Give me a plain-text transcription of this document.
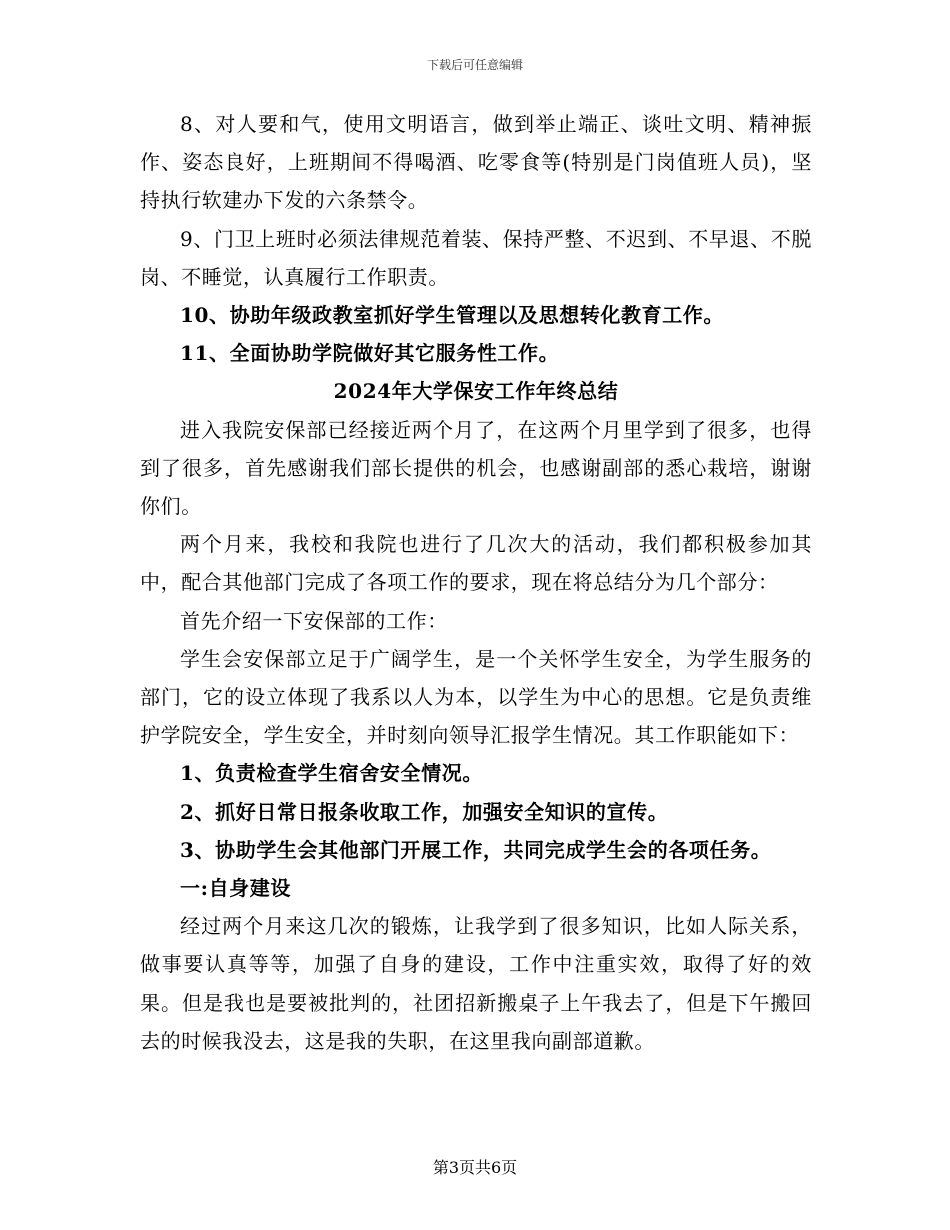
下载后可任意编辑

8、对人要和气，使用文明语言，做到举止端正、谈吐文明、精神振作、姿态良好，上班期间不得喝酒、吃零食等(特别是门岗值班人员)，坚持执行软建办下发的六条禁令。

9、门卫上班时必须法律规范着装、保持严整、不迟到、不早退、不脱岗、不睡觉，认真履行工作职责。

10、协助年级政教室抓好学生管理以及思想转化教育工作。

11、全面协助学院做好其它服务性工作。

2024年大学保安工作年终总结

进入我院安保部已经接近两个月了，在这两个月里学到了很多，也得到了很多，首先感谢我们部长提供的机会，也感谢副部的悉心栽培，谢谢你们。

两个月来，我校和我院也进行了几次大的活动，我们都积极参加其中，配合其他部门完成了各项工作的要求，现在将总结分为几个部分：

首先介绍一下安保部的工作：

学生会安保部立足于广阔学生，是一个关怀学生安全，为学生服务的部门，它的设立体现了我系以人为本，以学生为中心的思想。它是负责维护学院安全，学生安全，并时刻向领导汇报学生情况。其工作职能如下：

1、负责检查学生宿舍安全情况。

2、抓好日常日报条收取工作，加强安全知识的宣传。

3、协助学生会其他部门开展工作，共同完成学生会的各项任务。

一:自身建设

经过两个月来这几次的锻炼，让我学到了很多知识，比如人际关系，做事要认真等等，加强了自身的建设，工作中注重实效，取得了好的效果。但是我也是要被批判的，社团招新搬桌子上午我去了，但是下午搬回去的时候我没去，这是我的失职，在这里我向副部道歉。

第3页共6页
